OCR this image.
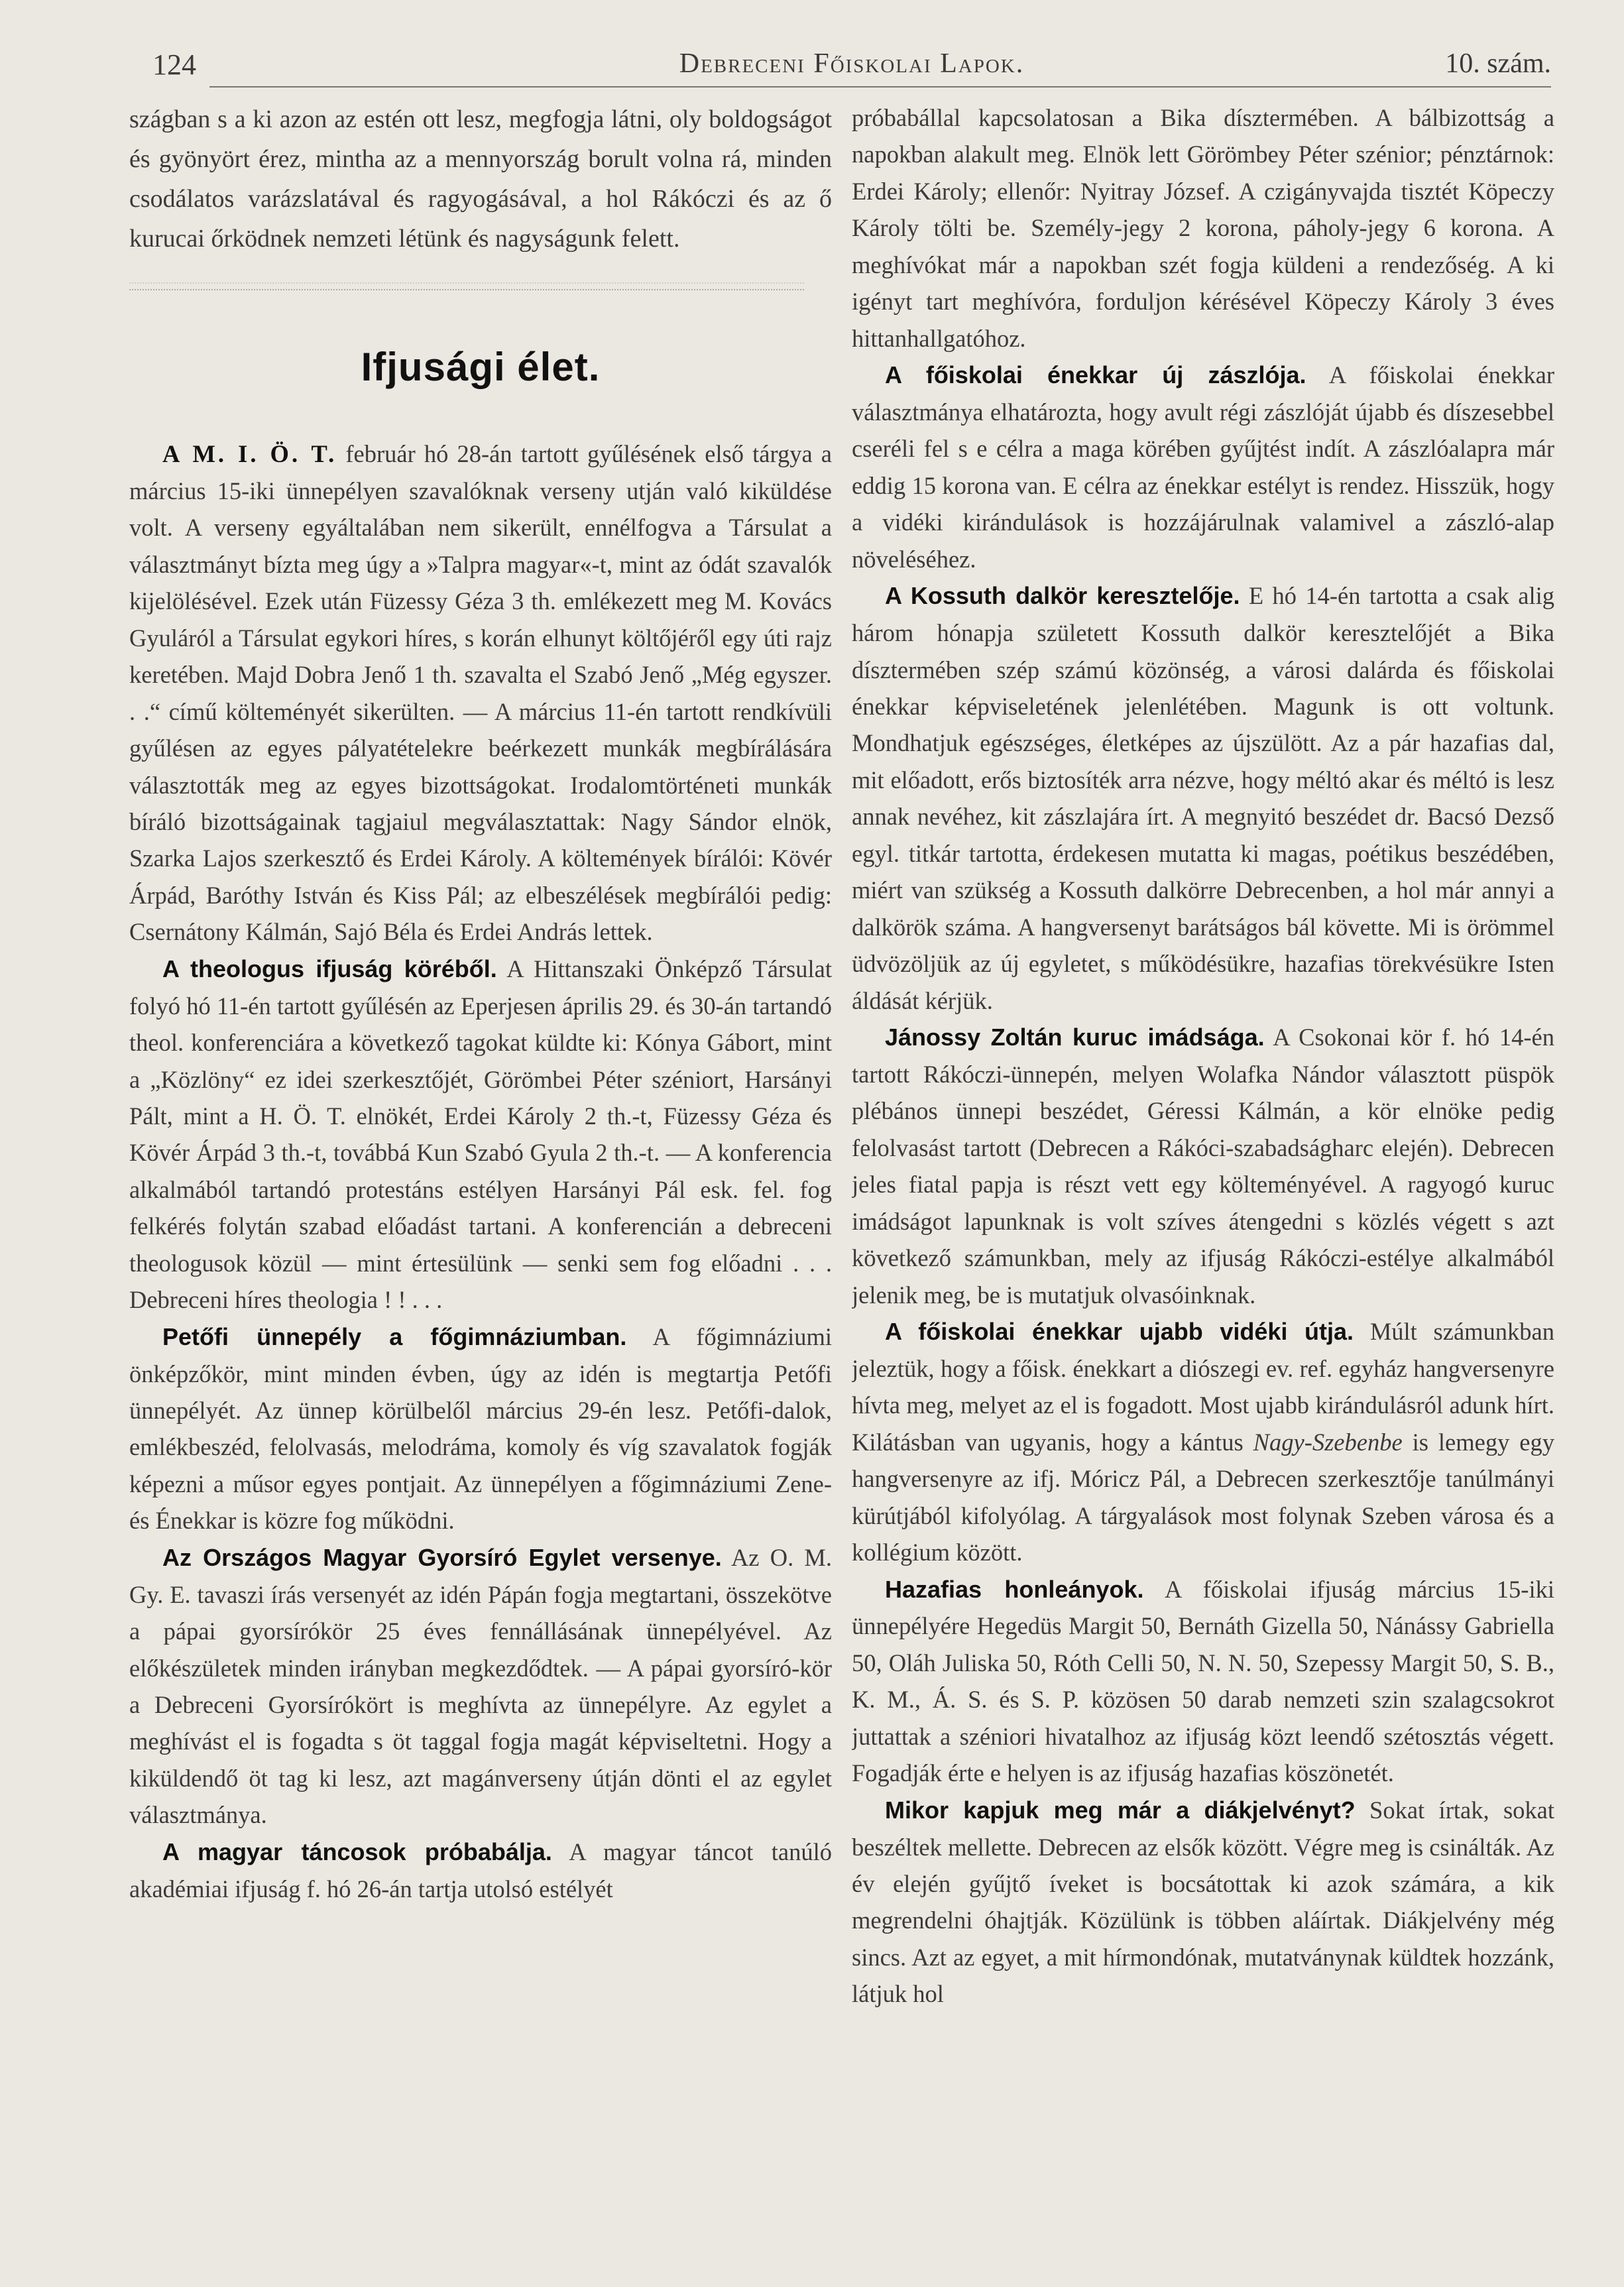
124	Debreceni Főiskolai Lapok.	10. szám.

szágban s a ki azon az estén ott lesz, megfogja látni, oly boldogságot és gyönyört érez, mintha az a mennyország borult volna rá, minden csodálatos varázslatával és ragyogásával, a hol Rákóczi és az ő kurucai őrködnek nemzeti létünk és nagyságunk felett.

Ifjusági élet.

A M. I. Ö. T. február hó 28-án tartott gyűlésének első tárgya a március 15-iki ünnepélyen szavalóknak verseny utján való kiküldése volt. A verseny egyáltalában nem sikerült, ennélfogva a Társulat a választmányt bízta meg úgy a »Talpra magyar«-t, mint az ódát szavalók kijelölésével. Ezek után Füzessy Géza 3 th. emlékezett meg M. Kovács Gyuláról a Társulat egykori híres, s korán elhunyt költőjéről egy úti rajz keretében. Majd Dobra Jenő 1 th. szavalta el Szabó Jenő „Még egyszer. . .“ című költeményét sikerülten. — A március 11-én tartott rendkívüli gyűlésen az egyes pályatételekre beérkezett munkák megbírálására választották meg az egyes bizottságokat. Irodalomtörténeti munkák bíráló bizottságainak tagjaiul megválasztattak: Nagy Sándor elnök, Szarka Lajos szerkesztő és Erdei Károly. A költemények bírálói: Kövér Árpád, Baróthy István és Kiss Pál; az elbeszélések megbírálói pedig: Csernátony Kálmán, Sajó Béla és Erdei András lettek.

A theologus ifjuság köréből. A Hittanszaki Önképző Társulat folyó hó 11-én tartott gyűlésén az Eperjesen április 29. és 30-án tartandó theol. konferenciára a következő tagokat küldte ki: Kónya Gábort, mint a „Közlöny“ ez idei szerkesztőjét, Görömbei Péter széniort, Harsányi Pált, mint a H. Ö. T. elnökét, Erdei Károly 2 th.-t, Füzessy Géza és Kövér Árpád 3 th.-t, továbbá Kun Szabó Gyula 2 th.-t. — A konferencia alkalmából tartandó protestáns estélyen Harsányi Pál esk. fel. fog felkérés folytán szabad előadást tartani. A konferencián a debreceni theologusok közül — mint értesülünk — senki sem fog előadni . . . Debreceni híres theologia ! ! . . .

Petőfi ünnepély a főgimnáziumban. A főgimnáziumi önképzőkör, mint minden évben, úgy az idén is megtartja Petőfi ünnepélyét. Az ünnep körülbelől március 29-én lesz. Petőfi-dalok, emlékbeszéd, felolvasás, melodráma, komoly és víg szavalatok fogják képezni a műsor egyes pontjait. Az ünnepélyen a főgimnáziumi Zene- és Énekkar is közre fog működni.

Az Országos Magyar Gyorsíró Egylet versenye. Az O. M. Gy. E. tavaszi írás versenyét az idén Pápán fogja megtartani, összekötve a pápai gyorsírókör 25 éves fennállásának ünnepélyével. Az előkészületek minden irányban megkezdődtek. — A pápai gyorsíró-kör a Debreceni Gyorsírókört is meghívta az ünnepélyre. Az egylet a meghívást el is fogadta s öt taggal fogja magát képviseltetni. Hogy a kiküldendő öt tag ki lesz, azt magánverseny útján dönti el az egylet választmánya.

A magyar táncosok próbabálja. A magyar táncot tanúló akadémiai ifjuság f. hó 26-án tartja utolsó estélyét

próbabállal kapcsolatosan a Bika dísztermében. A bálbizottság a napokban alakult meg. Elnök lett Görömbey Péter szénior; pénztárnok: Erdei Károly; ellenőr: Nyitray József. A czigányvajda tisztét Köpeczy Károly tölti be. Személy-jegy 2 korona, páholy-jegy 6 korona. A meghívókat már a napokban szét fogja küldeni a rendezőség. A ki igényt tart meghívóra, forduljon kérésével Köpeczy Károly 3 éves hittanhallgatóhoz.

A főiskolai énekkar új zászlója. A főiskolai énekkar választmánya elhatározta, hogy avult régi zászlóját újabb és díszesebbel cseréli fel s e célra a maga körében gyűjtést indít. A zászlóalapra már eddig 15 korona van. E célra az énekkar estélyt is rendez. Hisszük, hogy a vidéki kirándulások is hozzájárulnak valamivel a zászló-alap növeléséhez.

A Kossuth dalkör keresztelője. E hó 14-én tartotta a csak alig három hónapja született Kossuth dalkör keresztelőjét a Bika dísztermében szép számú közönség, a városi dalárda és főiskolai énekkar képviseletének jelenlétében. Magunk is ott voltunk. Mondhatjuk egészséges, életképes az újszülött. Az a pár hazafias dal, mit előadott, erős biztosíték arra nézve, hogy méltó akar és méltó is lesz annak nevéhez, kit zászlajára írt. A megnyitó beszédet dr. Bacsó Dezső egyl. titkár tartotta, érdekesen mutatta ki magas, poétikus beszédében, miért van szükség a Kossuth dalkörre Debrecenben, a hol már annyi a dalkörök száma. A hangversenyt barátságos bál követte. Mi is örömmel üdvözöljük az új egyletet, s működésükre, hazafias törekvésükre Isten áldását kérjük.

Jánossy Zoltán kuruc imádsága. A Csokonai kör f. hó 14-én tartott Rákóczi-ünnepén, melyen Wolafka Nándor választott püspök plébános ünnepi beszédet, Géressi Kálmán, a kör elnöke pedig felolvasást tartott (Debrecen a Rákóci-szabadságharc elején). Debrecen jeles fiatal papja is részt vett egy költeményével. A ragyogó kuruc imádságot lapunknak is volt szíves átengedni s közlés végett s azt következő számunkban, mely az ifjuság Rákóczi-estélye alkalmából jelenik meg, be is mutatjuk olvasóinknak.

A főiskolai énekkar ujabb vidéki útja. Múlt számunkban jeleztük, hogy a főisk. énekkart a diószegi ev. ref. egyház hangversenyre hívta meg, melyet az el is fogadott. Most ujabb kirándulásról adunk hírt. Kilátásban van ugyanis, hogy a kántus Nagy-Szebenbe is lemegy egy hangversenyre az ifj. Móricz Pál, a Debrecen szerkesztője tanúlmányi kürútjából kifolyólag. A tárgyalások most folynak Szeben városa és a kollégium között.

Hazafias honleányok. A főiskolai ifjuság március 15-iki ünnepélyére Hegedüs Margit 50, Bernáth Gizella 50, Nánássy Gabriella 50, Oláh Juliska 50, Róth Celli 50, N. N. 50, Szepessy Margit 50, S. B., K. M., Á. S. és S. P. közösen 50 darab nemzeti szin szalagcsokrot juttattak a széniori hivatalhoz az ifjuság közt leendő szétosztás végett. Fogadják érte e helyen is az ifjuság hazafias köszönetét.

Mikor kapjuk meg már a diákjelvényt? Sokat írtak, sokat beszéltek mellette. Debrecen az elsők között. Végre meg is csinálták. Az év elején gyűjtő íveket is bocsátottak ki azok számára, a kik megrendelni óhajtják. Közülünk is többen aláírtak. Diákjelvény még sincs. Azt az egyet, a mit hírmondónak, mutatványnak küldtek hozzánk, látjuk hol
